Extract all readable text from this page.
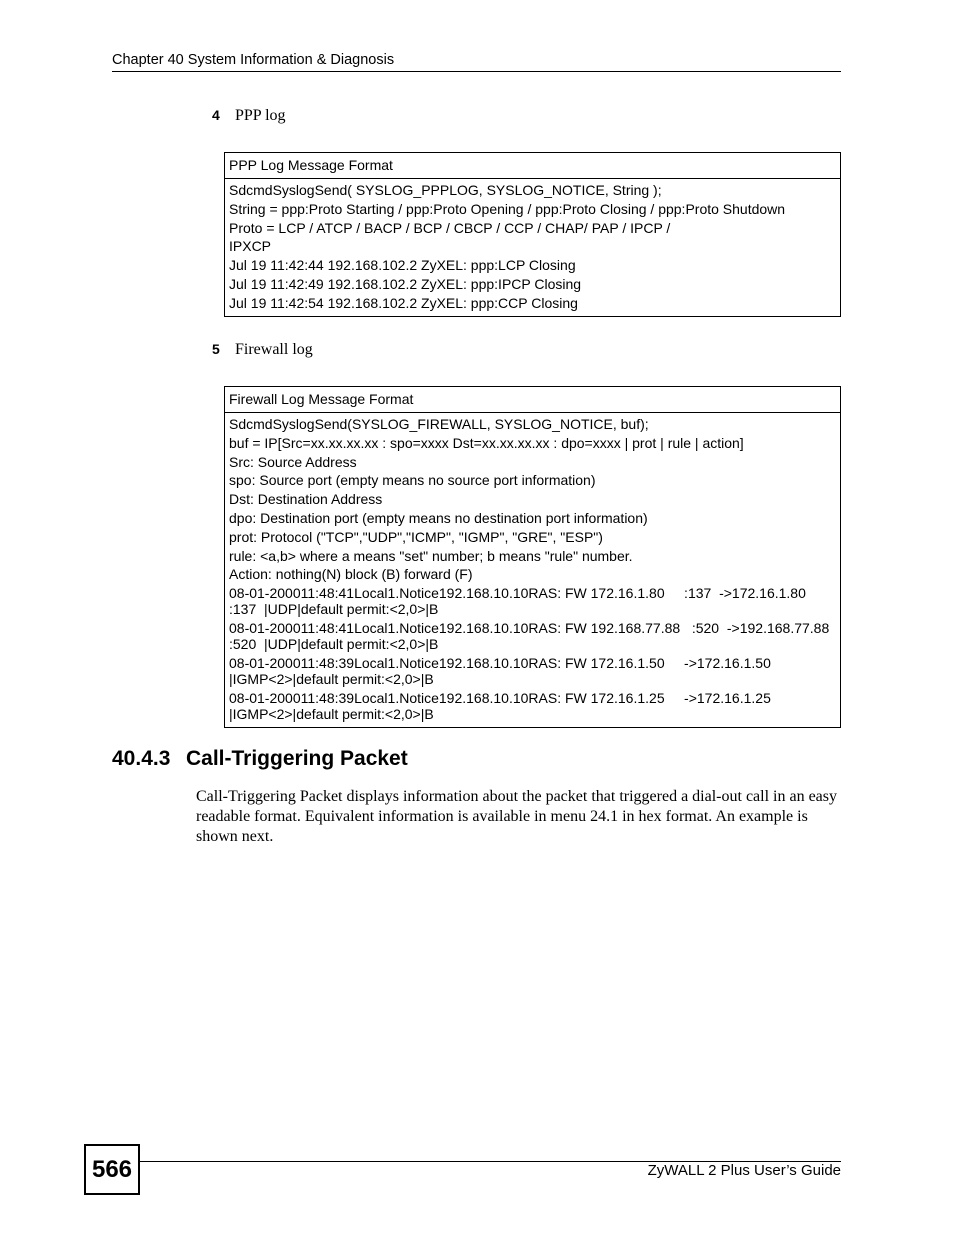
Chapter 40 System Information & Diagnosis
4 PPP log
PPP Log Message Format
SdcmdSyslogSend( SYSLOG_PPPLOG, SYSLOG_NOTICE, String );
String = ppp:Proto Starting / ppp:Proto Opening / ppp:Proto Closing / ppp:Proto Shutdown
Proto = LCP / ATCP / BACP / BCP / CBCP / CCP / CHAP/ PAP / IPCP /
IPXCP
Jul 19 11:42:44 192.168.102.2 ZyXEL: ppp:LCP Closing
Jul 19 11:42:49 192.168.102.2 ZyXEL: ppp:IPCP Closing
Jul 19 11:42:54 192.168.102.2 ZyXEL: ppp:CCP Closing
5 Firewall log
Firewall Log Message Format
SdcmdSyslogSend(SYSLOG_FIREWALL, SYSLOG_NOTICE, buf);
buf = IP[Src=xx.xx.xx.xx : spo=xxxx Dst=xx.xx.xx.xx : dpo=xxxx | prot | rule | action]
Src: Source Address
spo: Source port (empty means no source port information)
Dst: Destination Address
dpo: Destination port (empty means no destination port information)
prot: Protocol ("TCP","UDP","ICMP", "IGMP", "GRE", "ESP")
rule: <a,b> where a means "set" number; b means "rule" number.
Action: nothing(N) block (B) forward (F)
08-01-200011:48:41Local1.Notice192.168.10.10RAS: FW 172.16.1.80     :137  ->172.16.1.80
:137  |UDP|default permit:<2,0>|B
08-01-200011:48:41Local1.Notice192.168.10.10RAS: FW 192.168.77.88   :520  ->192.168.77.88
:520  |UDP|default permit:<2,0>|B
08-01-200011:48:39Local1.Notice192.168.10.10RAS: FW 172.16.1.50     ->172.16.1.50
|IGMP<2>|default permit:<2,0>|B
08-01-200011:48:39Local1.Notice192.168.10.10RAS: FW 172.16.1.25     ->172.16.1.25
|IGMP<2>|default permit:<2,0>|B
40.4.3 Call-Triggering Packet
Call-Triggering Packet displays information about the packet that triggered a dial-out call in an easy readable format. Equivalent information is available in menu 24.1 in hex format. An example is shown next.
566	ZyWALL 2 Plus User’s Guide
